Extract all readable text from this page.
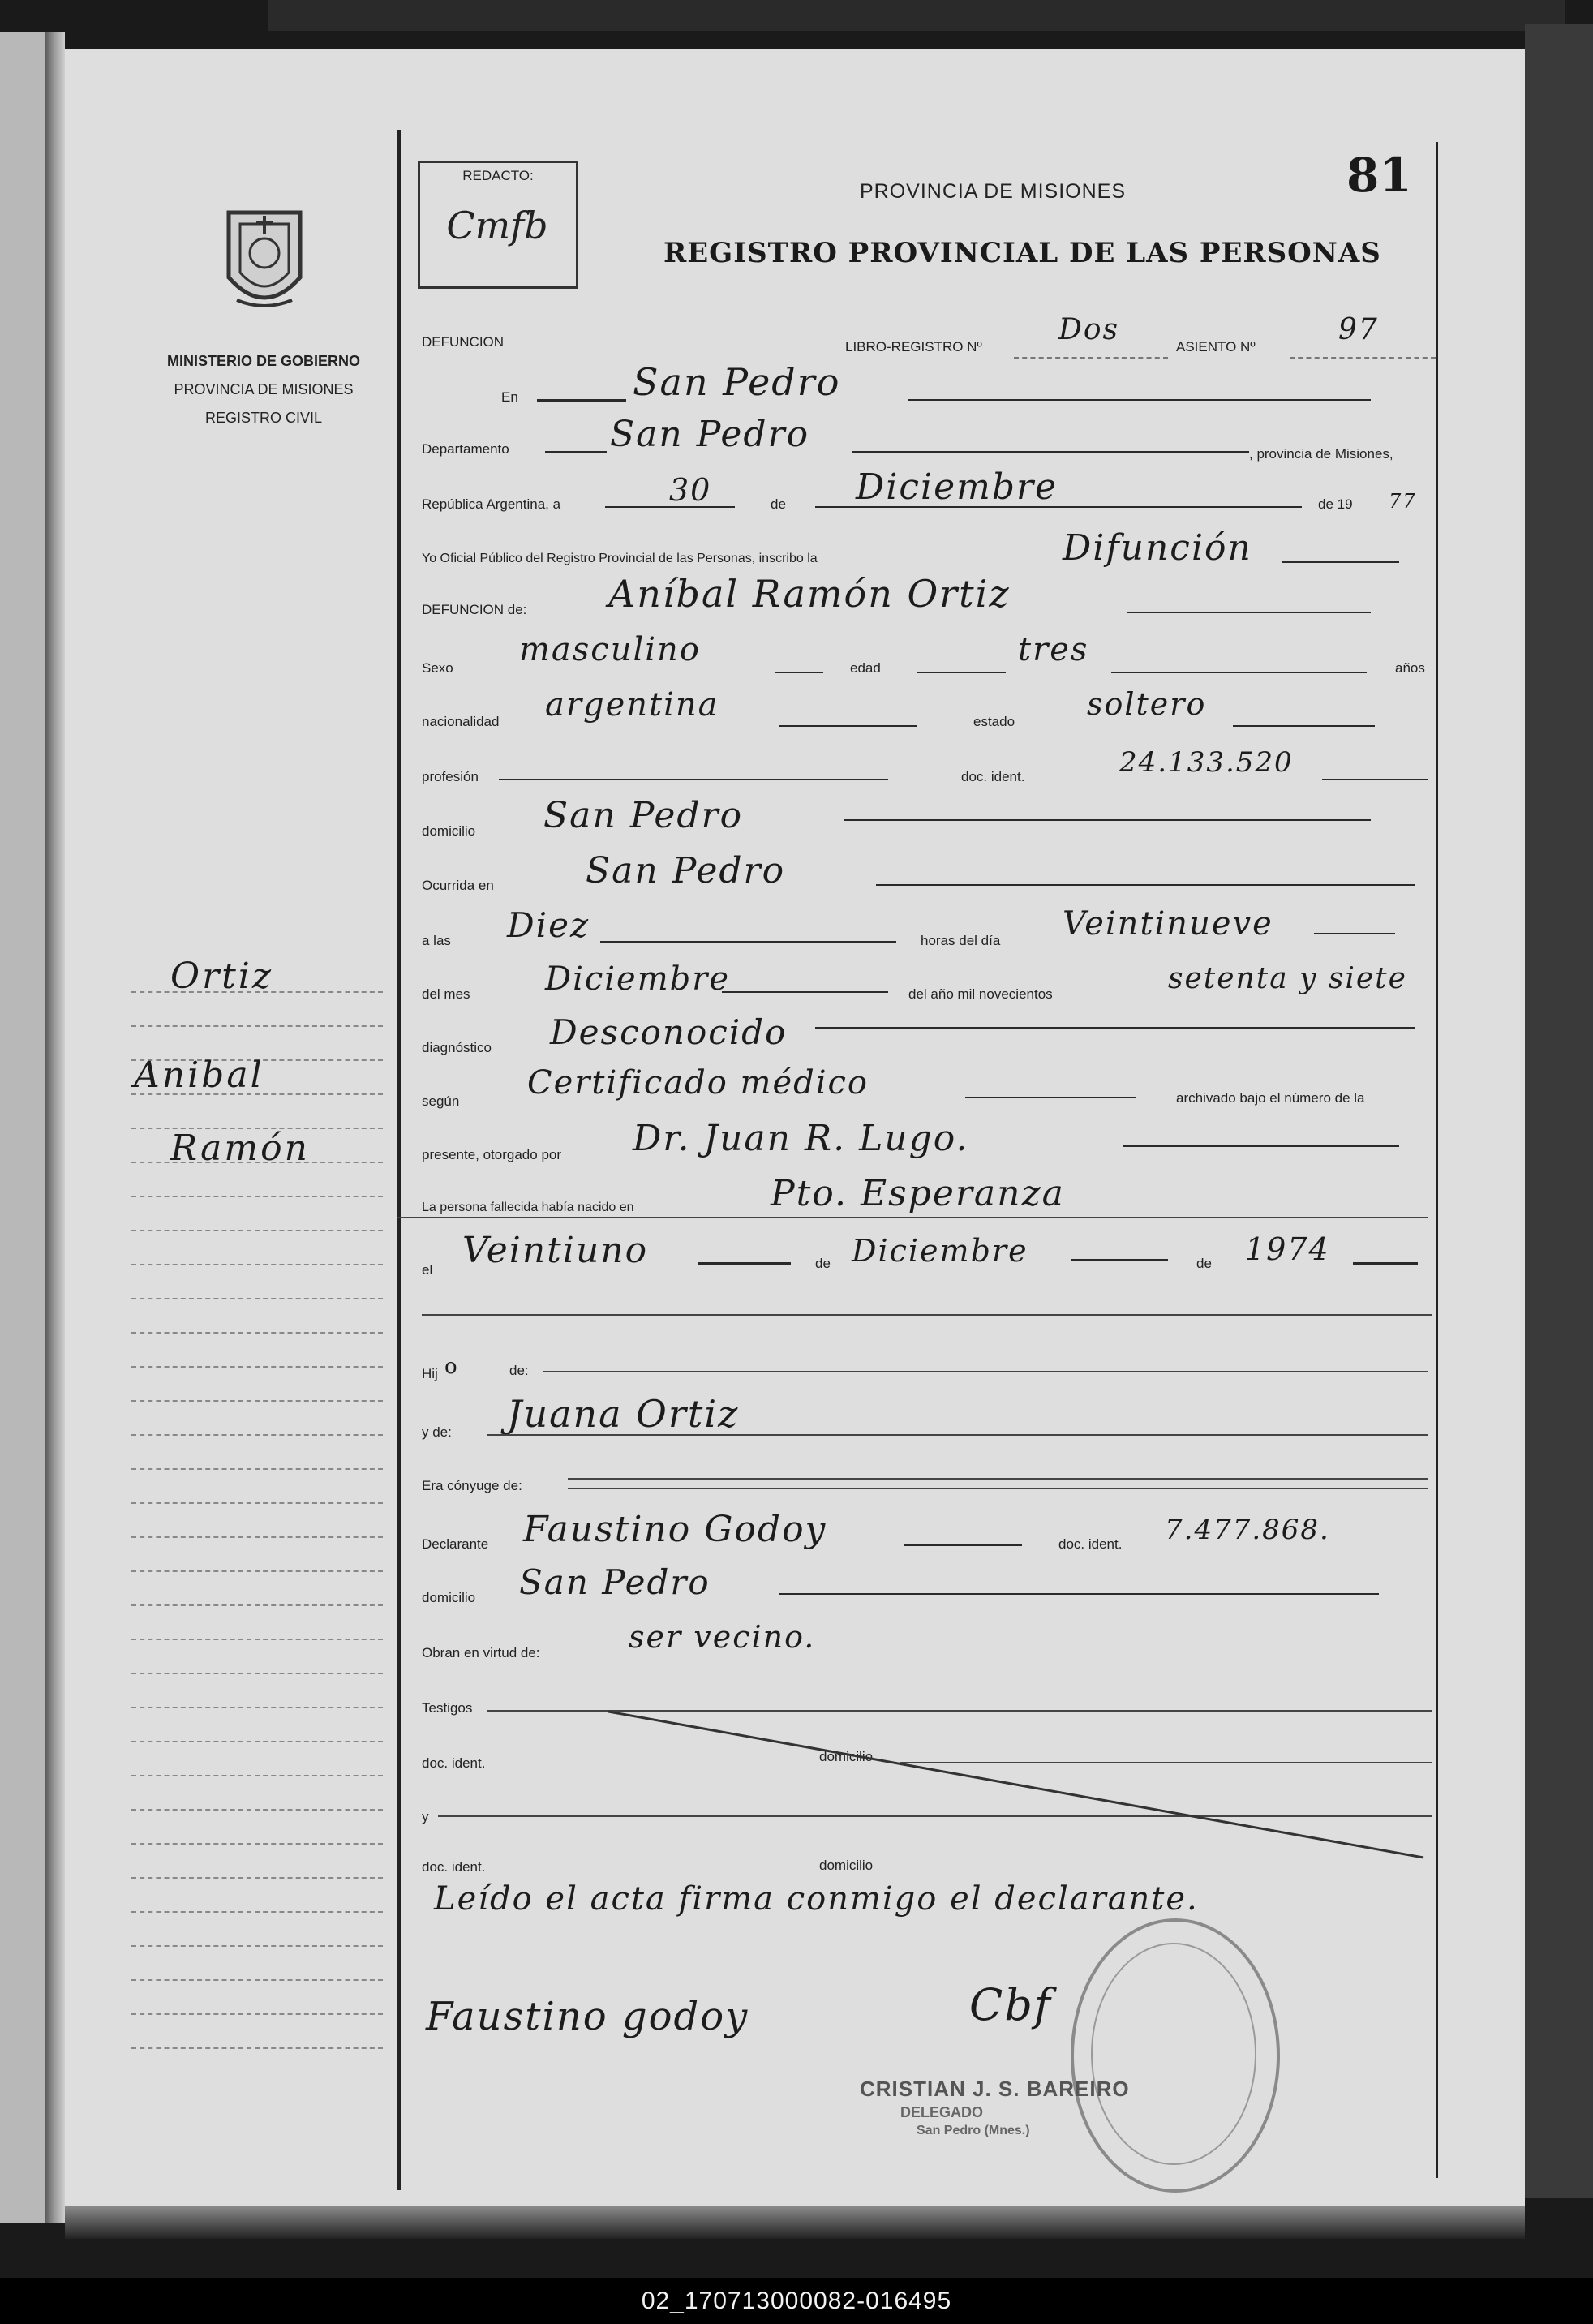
MINISTERIO DE GOBIERNO
PROVINCIA DE MISIONES
REGISTRO CIVIL
REDACTO:
Cmfb
81
PROVINCIA DE MISIONES
REGISTRO PROVINCIAL DE LAS PERSONAS
Ortiz
Anibal
Ramón
DEFUNCION	LIBRO-REGISTRO Nº
Dos
ASIENTO Nº
97
En	San Pedro
Departamento	San Pedro	, provincia de Misiones,
República Argentina, a	30	de Diciembre	de 19 77
Yo Oficial Público del Registro Provincial de las Personas, inscribo la	Difunción
DEFUNCION de: Aníbal Ramón Ortiz
Sexo masculino	edad	tres	años
nacionalidad argentina	estado soltero
profesión	doc. ident.	24.133.520
domicilio San Pedro
Ocurrida en	San Pedro
a las Diez	horas del día Veintinueve
del mes Diciembre	del año mil novecientos	setenta y siete
diagnóstico Desconocido
según Certificado médico	archivado bajo el número de la
presente, otorgado por Dr. Juan R. Lugo.
La persona fallecida había nacido en	Pto. Esperanza
el Veintiuno	de Diciembre	de 1974
Hij o	de:
y de: Juana Ortiz
Era cónyuge de:
Declarante Faustino Godoy	doc. ident. 7.477.868.
domicilio San Pedro
Obran en virtud de:	ser vecino.
Testigos
doc. ident.	domicilio
y
doc. ident.	domicilio
Leído el acta firma conmigo el declarante.
Faustino godoy	Cbf
CRISTIAN J. S. BAREIRO
DELEGADO
San Pedro (Mnes.)
02_170713000082-016495
